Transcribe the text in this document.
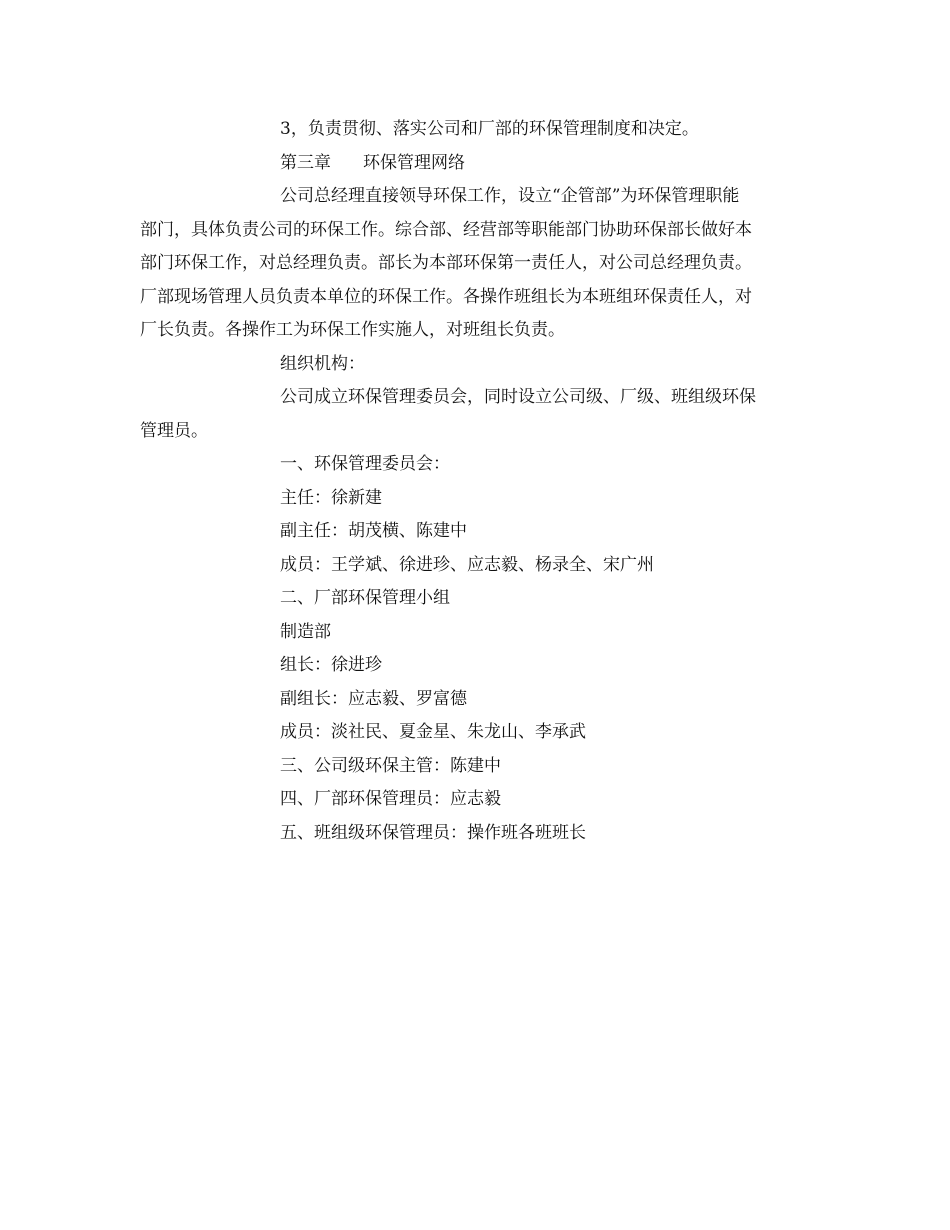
3，负责贯彻、落实公司和厂部的环保管理制度和决定。

第三章 环保管理网络

公司总经理直接领导环保工作，设立“企管部”为环保管理职能

部门，具体负责公司的环保工作。综合部、经营部等职能部门协助环保部长做好本

部门环保工作，对总经理负责。部长为本部环保第一责任人，对公司总经理负责。

厂部现场管理人员负责本单位的环保工作。各操作班组长为本班组环保责任人，对

厂长负责。各操作工为环保工作实施人，对班组长负责。

组织机构：

公司成立环保管理委员会，同时设立公司级、厂级、班组级环保

管理员。

一、环保管理委员会：

主任：徐新建

副主任：胡茂横、陈建中

成员：王学斌、徐进珍、应志毅、杨录全、宋广州

二、厂部环保管理小组

制造部

组长：徐进珍

副组长：应志毅、罗富德

成员：淡社民、夏金星、朱龙山、李承武

三、公司级环保主管：陈建中

四、厂部环保管理员：应志毅

五、班组级环保管理员：操作班各班班长
